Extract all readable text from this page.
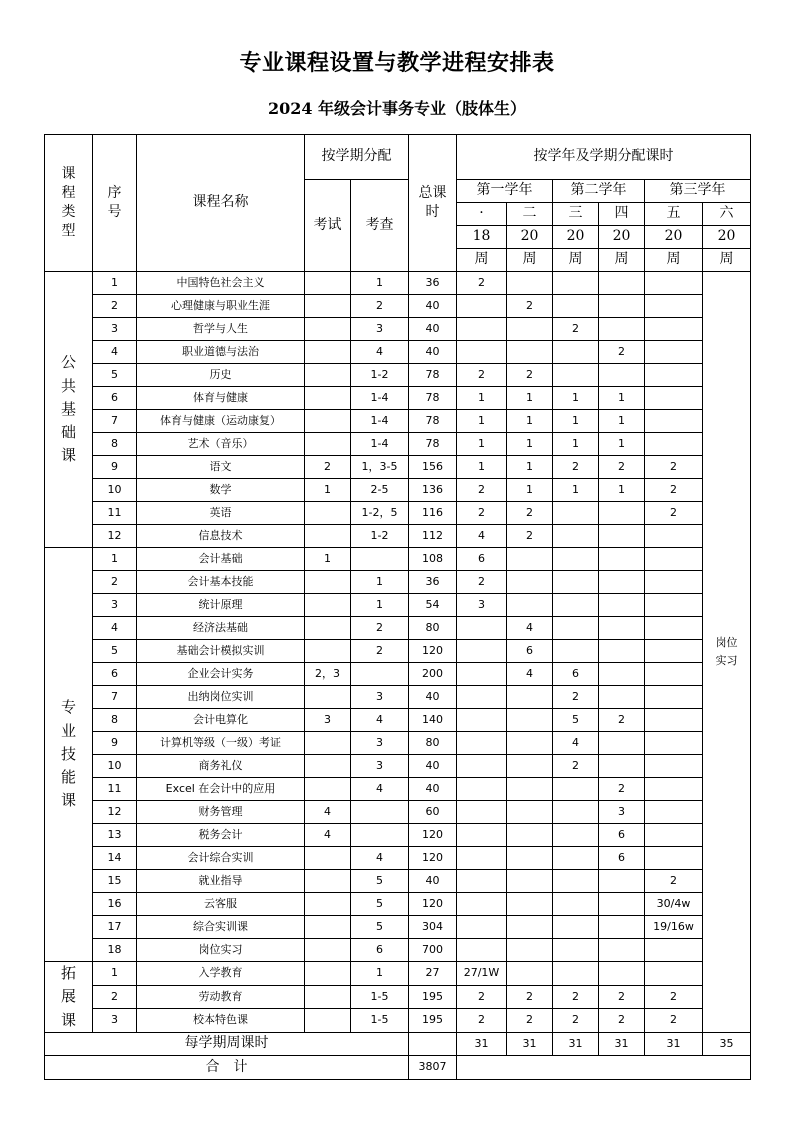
专业课程设置与教学进程安排表
2024 年级会计事务专业（肢体生）
课程类型	序号	课程名称	按学期分配		总课时	按学年及学期分配课时					
			考试	考查		第一学年		第二学年		第三学年	
						·	二	三	四	五	六
						18	20	20	20	20	20
						周	周	周	周	周	周
公共基础课	1	中国特色社会主义		1	36	2					岗位实习
	2	心理健康与职业生涯		2	40		2				
	3	哲学与人生		3	40			2			
	4	职业道德与法治		4	40				2		
	5	历史		1-2	78	2	2				
	6	体育与健康		1-4	78	1	1	1	1		
	7	体育与健康（运动康复）		1-4	78	1	1	1	1		
	8	艺术（音乐）		1-4	78	1	1	1	1		
	9	语文	2	1，3-5	156	1	1	2	2	2	
	10	数学	1	2-5	136	2	1	1	1	2	
	11	英语		1-2，5	116	2	2			2	
	12	信息技术		1-2	112	4	2				
专业技能课	1	会计基础	1		108	6					
	2	会计基本技能		1	36	2					
	3	统计原理		1	54	3					
	4	经济法基础		2	80		4				
	5	基础会计模拟实训		2	120		6				
	6	企业会计实务	2，3		200		4	6			
	7	出纳岗位实训		3	40			2			
	8	会计电算化	3	4	140			5	2		
	9	计算机等级（一级）考证		3	80			4			
	10	商务礼仪		3	40			2			
	11	Excel 在会计中的应用		4	40				2		
	12	财务管理	4		60				3		
	13	税务会计	4		120				6		
	14	会计综合实训		4	120				6		
	15	就业指导		5	40					2	
	16	云客服		5	120					30/4w	
	17	综合实训课		5	304					19/16w	
	18	岗位实习		6	700						
拓展课	1	入学教育		1	27	27/1W					
	2	劳动教育		1-5	195	2	2	2	2	2	
	3	校本特色课		1-5	195	2	2	2	2	2	
每学期周课时						31	31	31	31	31	35
合　计					3807						
